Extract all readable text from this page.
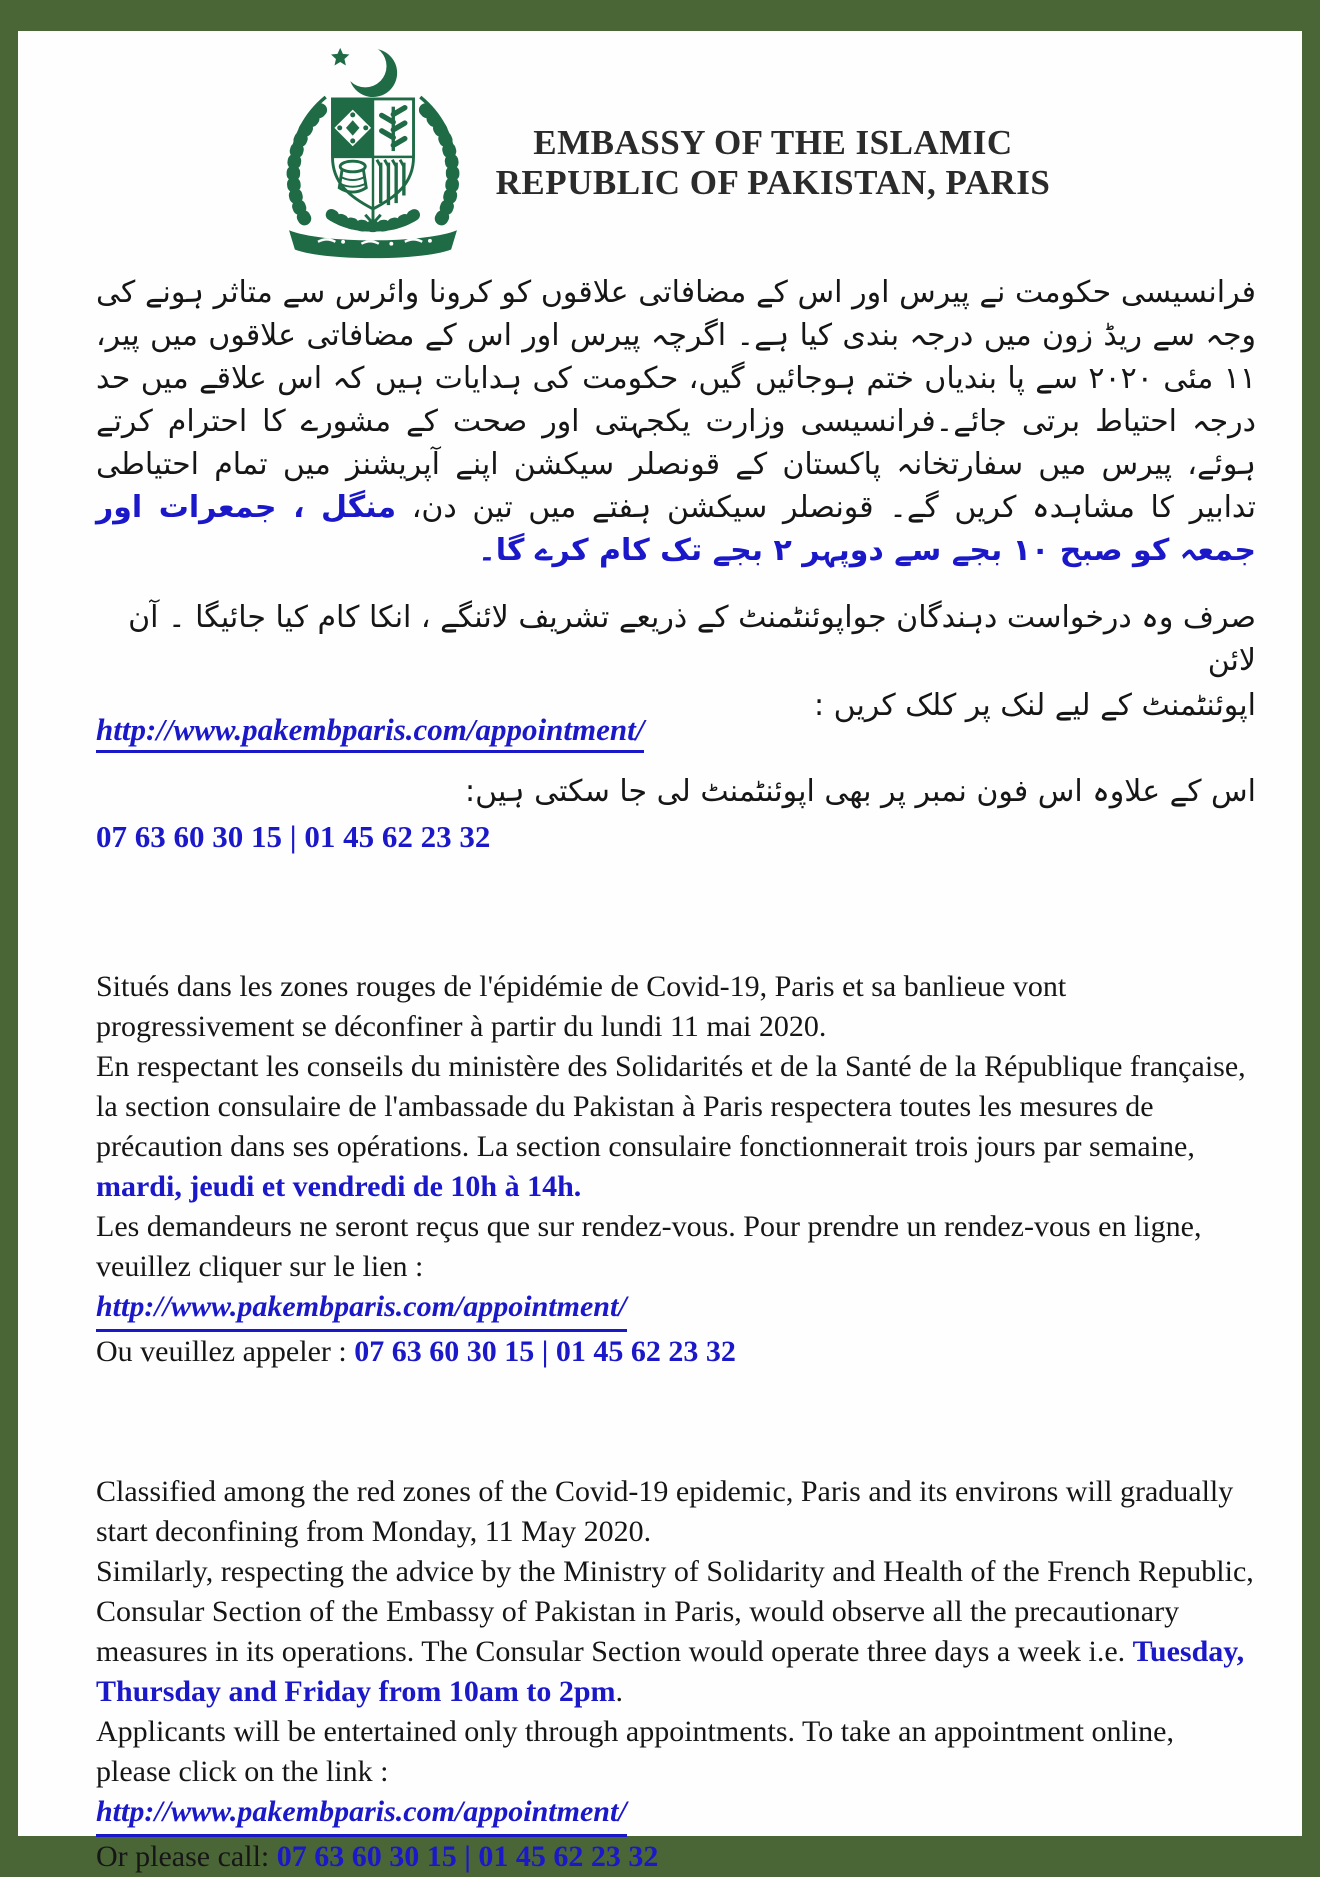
EMBASSY OF THE ISLAMIC
REPUBLIC OF PAKISTAN, PARIS

فرانسیسی حکومت نے پیرس اور اس کے مضافاتی علاقوں کو کرونا وائرس سے متاثر ہونے کی وجہ سے ریڈ زون میں درجہ بندی کیا ہے۔ اگرچہ پیرس اور اس کے مضافاتی علاقوں میں پیر، ۱۱ مئی ۲۰۲۰ سے پا بندیاں ختم ہوجائیں گیں، حکومت کی ہدایات ہیں کہ اس علاقے میں حد درجہ احتیاط برتی جائے۔فرانسیسی وزارت یکجہتی اور صحت کے مشورے کا احترام کرتے ہوئے، پیرس میں سفارتخانہ پاکستان کے قونصلر سیکشن اپنے آپریشنز میں تمام احتیاطی تدابیر کا مشاہدہ کریں گے۔ قونصلر سیکشن ہفتے میں تین دن، منگل ، جمعرات اور جمعہ کو صبح ۱۰ بجے سے دوپہر ۲ بجے تک کام کرے گا۔

صرف وہ درخواست دہندگان جواپوئنٹمنٹ کے ذریعے تشریف لائنگے ، انکا کام کیا جائیگا ۔ آن لائن

http://www.pakembparis.com/appointment/
اپوئنٹمنٹ کے لیے لنک پر کلک کریں :

اس کے علاوہ اس فون نمبر پر بھی اپوئنٹمنٹ لی جا سکتی ہیں:

07 63 60 30 15 | 01 45 62 23 32

Situés dans les zones rouges de l'épidémie de Covid-19, Paris et sa banlieue vont progressivement se déconfiner à partir du lundi 11 mai 2020.

En respectant les conseils du ministère des Solidarités et de la Santé de la République française, la section consulaire de l'ambassade du Pakistan à Paris respectera toutes les mesures de précaution dans ses opérations. La section consulaire fonctionnerait trois jours par semaine, mardi, jeudi et vendredi de 10h à 14h.

Les demandeurs ne seront reçus que sur rendez-vous. Pour prendre un rendez-vous en ligne, veuillez cliquer sur le lien :

http://www.pakembparis.com/appointment/

Ou veuillez appeler : 07 63 60 30 15 | 01 45 62 23 32

Classified among the red zones of the Covid-19 epidemic, Paris and its environs will gradually start deconfining from Monday, 11 May 2020.

Similarly, respecting the advice by the Ministry of Solidarity and Health of the French Republic, Consular Section of the Embassy of Pakistan in Paris, would observe all the precautionary measures in its operations. The Consular Section would operate three days a week i.e. Tuesday, Thursday and Friday from 10am to 2pm.

Applicants will be entertained only through appointments. To take an appointment online, please click on the link :

http://www.pakembparis.com/appointment/

Or please call: 07 63 60 30 15 | 01 45 62 23 32
